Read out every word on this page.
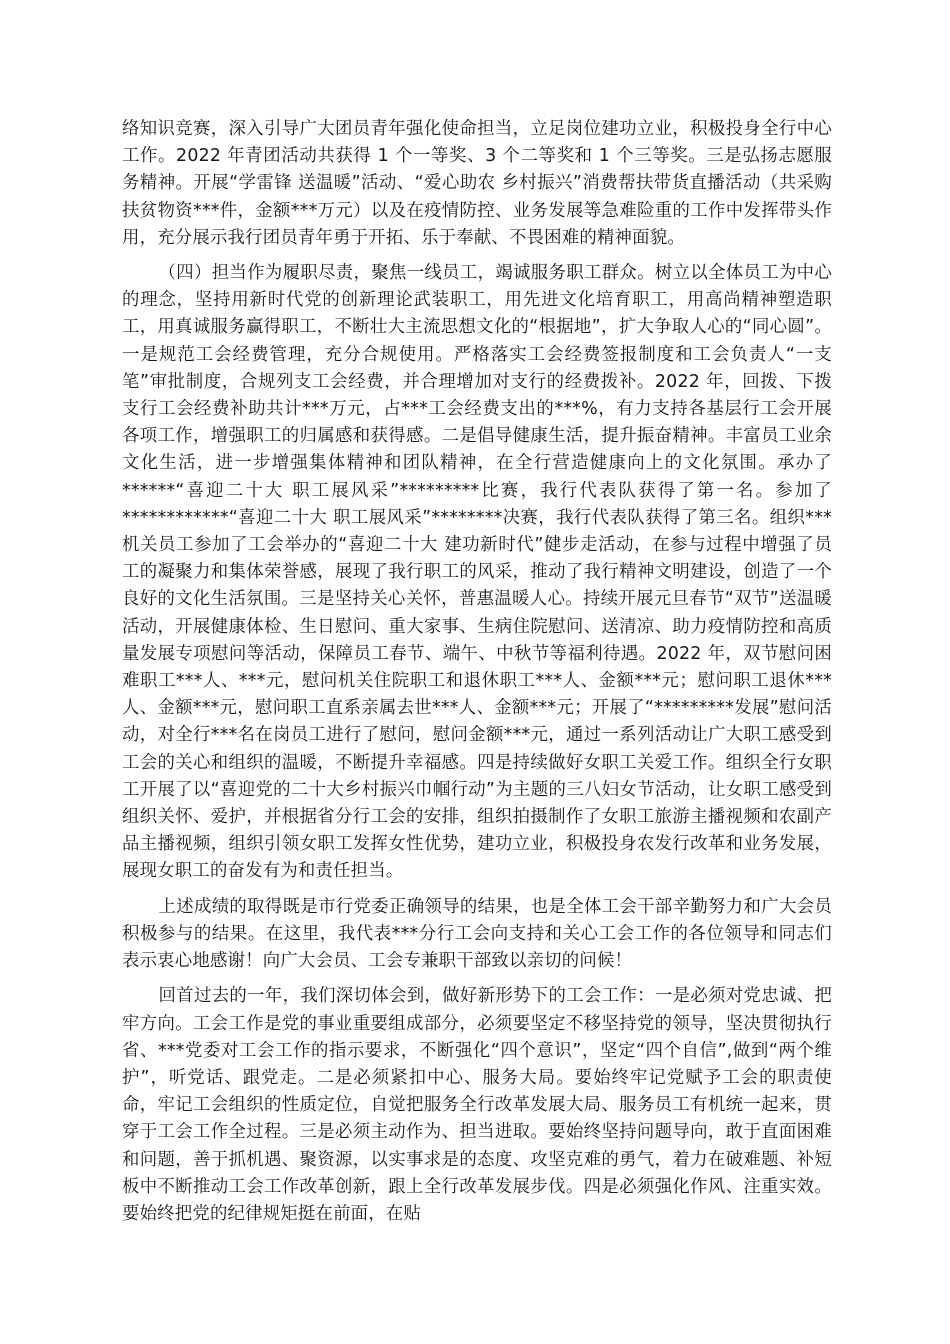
络知识竞赛，深入引导广大团员青年强化使命担当，立足岗位建功立业，积极投身全行中心工作。2022 年青团活动共获得 1 个一等奖、3 个二等奖和 1 个三等奖。三是弘扬志愿服务精神。开展“学雷锋 送温暖”活动、“爱心助农 乡村振兴”消费帮扶带货直播活动（共采购扶贫物资***件，金额***万元）以及在疫情防控、业务发展等急难险重的工作中发挥带头作用，充分展示我行团员青年勇于开拓、乐于奉献、不畏困难的精神面貌。

（四）担当作为履职尽责，聚焦一线员工，竭诚服务职工群众。树立以全体员工为中心的理念，坚持用新时代党的创新理论武装职工，用先进文化培育职工，用高尚精神塑造职工，用真诚服务赢得职工，不断壮大主流思想文化的“根据地”，扩大争取人心的“同心圆”。一是规范工会经费管理，充分合规使用。严格落实工会经费签报制度和工会负责人“一支笔”审批制度，合规列支工会经费，并合理增加对支行的经费拨补。2022 年，回拨、下拨支行工会经费补助共计***万元，占***工会经费支出的***%，有力支持各基层行工会开展各项工作，增强职工的归属感和获得感。二是倡导健康生活，提升振奋精神。丰富员工业余文化生活，进一步增强集体精神和团队精神，在全行营造健康向上的文化氛围。承办了******“喜迎二十大 职工展风采”*********比赛，我行代表队获得了第一名。参加了************“喜迎二十大 职工展风采”********决赛，我行代表队获得了第三名。组织***机关员工参加了工会举办的“喜迎二十大 建功新时代”健步走活动，在参与过程中增强了员工的凝聚力和集体荣誉感，展现了我行职工的风采，推动了我行精神文明建设，创造了一个良好的文化生活氛围。三是坚持关心关怀，普惠温暖人心。持续开展元旦春节“双节”送温暖活动，开展健康体检、生日慰问、重大家事、生病住院慰问、送清凉、助力疫情防控和高质量发展专项慰问等活动，保障员工春节、端午、中秋节等福利待遇。2022 年，双节慰问困难职工***人、***元，慰问机关住院职工和退休职工***人、金额***元；慰问职工退休***人、金额***元，慰问职工直系亲属去世***人、金额***元；开展了“*********发展”慰问活动，对全行***名在岗员工进行了慰问，慰问金额***元，通过一系列活动让广大职工感受到工会的关心和组织的温暖，不断提升幸福感。四是持续做好女职工关爱工作。组织全行女职工开展了以“喜迎党的二十大乡村振兴巾帼行动”为主题的三八妇女节活动，让女职工感受到组织关怀、爱护，并根据省分行工会的安排，组织拍摄制作了女职工旅游主播视频和农副产品主播视频，组织引领女职工发挥女性优势，建功立业，积极投身农发行改革和业务发展，展现女职工的奋发有为和责任担当。

上述成绩的取得既是市行党委正确领导的结果，也是全体工会干部辛勤努力和广大会员积极参与的结果。在这里，我代表***分行工会向支持和关心工会工作的各位领导和同志们表示衷心地感谢！向广大会员、工会专兼职干部致以亲切的问候！

回首过去的一年，我们深切体会到，做好新形势下的工会工作：一是必须对党忠诚、把牢方向。工会工作是党的事业重要组成部分，必须要坚定不移坚持党的领导，坚决贯彻执行省、***党委对工会工作的指示要求，不断强化“四个意识”，坚定“四个自信”,做到“两个维护”，听党话、跟党走。二是必须紧扣中心、服务大局。要始终牢记党赋予工会的职责使命，牢记工会组织的性质定位，自觉把服务全行改革发展大局、服务员工有机统一起来，贯穿于工会工作全过程。三是必须主动作为、担当进取。要始终坚持问题导向，敢于直面困难和问题，善于抓机遇、聚资源，以实事求是的态度、攻坚克难的勇气，着力在破难题、补短板中不断推动工会工作改革创新，跟上全行改革发展步伐。四是必须强化作风、注重实效。要始终把党的纪律规矩挺在前面，在贴
